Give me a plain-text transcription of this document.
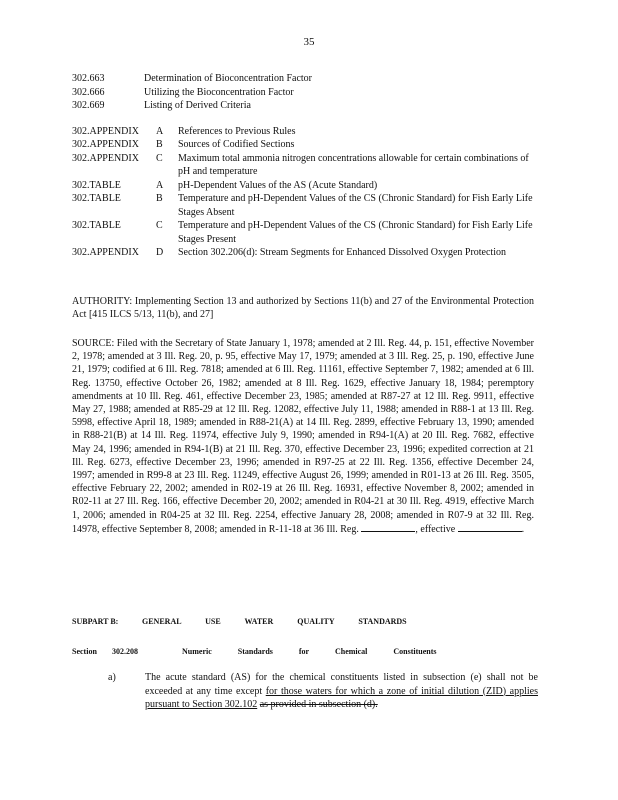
35
302.663	Determination of Bioconcentration Factor
302.666	Utilizing the Bioconcentration Factor
302.669	Listing of Derived Criteria
302.APPENDIX	A	References to Previous Rules
302.APPENDIX	B	Sources of Codified Sections
302.APPENDIX	C	Maximum total ammonia nitrogen concentrations allowable for certain combinations of pH and temperature
302.TABLE	A	pH-Dependent Values of the AS (Acute Standard)
302.TABLE	B	Temperature and pH-Dependent Values of the CS (Chronic Standard) for Fish Early Life Stages Absent
302.TABLE	C	Temperature and pH-Dependent Values of the CS (Chronic Standard) for Fish Early Life Stages Present
302.APPENDIX	D	Section 302.206(d): Stream Segments for Enhanced Dissolved Oxygen Protection
AUTHORITY: Implementing Section 13 and authorized by Sections 11(b) and 27 of the Environmental Protection Act [415 ILCS 5/13, 11(b), and 27]
SOURCE: Filed with the Secretary of State January 1, 1978; amended at 2 Ill. Reg. 44, p. 151, effective November 2, 1978; amended at 3 Ill. Reg. 20, p. 95, effective May 17, 1979; amended at 3 Ill. Reg. 25, p. 190, effective June 21, 1979; codified at 6 Ill. Reg. 7818; amended at 6 Ill. Reg. 11161, effective September 7, 1982; amended at 6 Ill. Reg. 13750, effective October 26, 1982; amended at 8 Ill. Reg. 1629, effective January 18, 1984; peremptory amendments at 10 Ill. Reg. 461, effective December 23, 1985; amended at R87-27 at 12 Ill. Reg. 9911, effective May 27, 1988; amended at R85-29 at 12 Ill. Reg. 12082, effective July 11, 1988; amended in R88-1 at 13 Ill. Reg. 5998, effective April 18, 1989; amended in R88-21(A) at 14 Ill. Reg. 2899, effective February 13, 1990; amended in R88-21(B) at 14 Ill. Reg. 11974, effective July 9, 1990; amended in R94-1(A) at 20 Ill. Reg. 7682, effective May 24, 1996; amended in R94-1(B) at 21 Ill. Reg. 370, effective December 23, 1996; expedited correction at 21 Ill. Reg. 6273, effective December 23, 1996; amended in R97-25 at 22 Ill. Reg. 1356, effective December 24, 1997; amended in R99-8 at 23 Ill. Reg. 11249, effective August 26, 1999; amended in R01-13 at 26 Ill. Reg. 3505, effective February 22, 2002; amended in R02-19 at 26 Ill. Reg. 16931, effective November 8, 2002; amended in R02-11 at 27 Ill. Reg. 166, effective December 20, 2002; amended in R04-21 at 30 Ill. Reg. 4919, effective March 1, 2006; amended in R04-25 at 32 Ill. Reg. 2254, effective January 28, 2008; amended in R07-9 at 32 Ill. Reg. 14978, effective September 8, 2008; amended in R-11-18 at 36 Ill. Reg.	, effective	.
SUBPART B:	GENERAL USE WATER QUALITY STANDARDS
Section	302.208	Numeric Standards for Chemical Constituents
a)	The acute standard (AS) for the chemical constituents listed in subsection (e) shall not be exceeded at any time except for those waters for which a zone of initial dilution (ZID) applies pursuant to Section 302.102 as provided in subsection (d).
